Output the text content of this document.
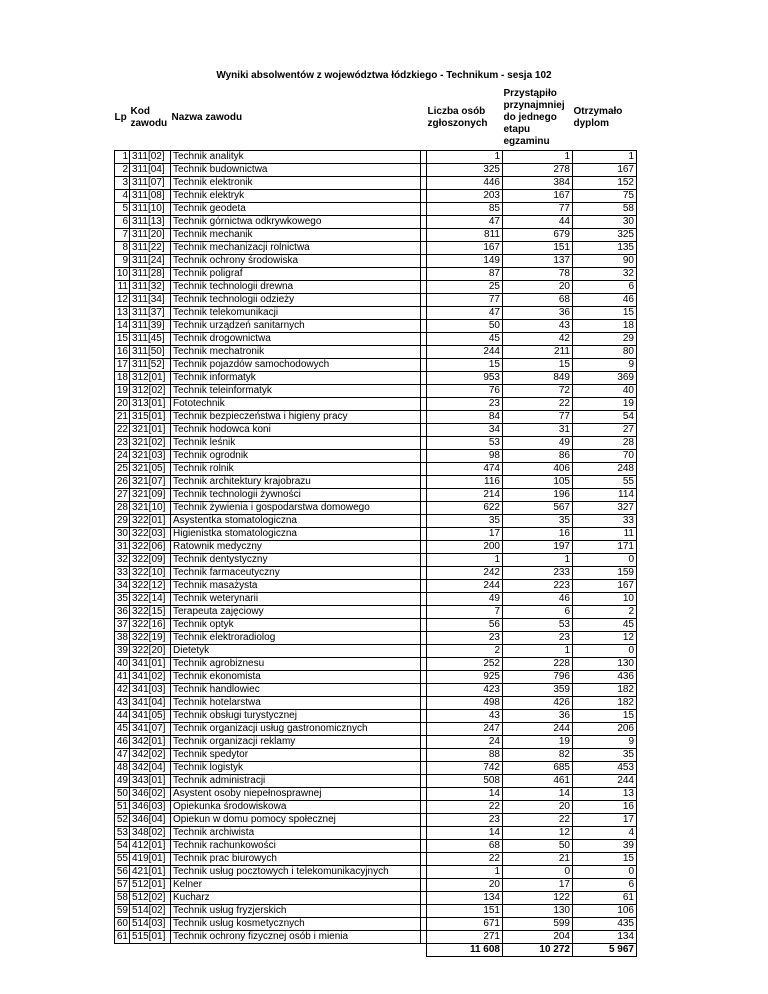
Wyniki absolwentów z województwa łódzkiego - Technikum - sesja 102
Lp	Kod zawodu	Nazwa zawodu		Liczba osób zgłoszonych	Przystąpiło przynajmniej do jednego etapu egzaminu	Otrzymało dyplom
1	311[02]	Technik analityk		1	1	1
2	311[04]	Technik budownictwa		325	278	167
3	311[07]	Technik elektronik		446	384	152
4	311[08]	Technik elektryk		203	167	75
5	311[10]	Technik geodeta		85	77	58
6	311[13]	Technik górnictwa odkrywkowego		47	44	30
7	311[20]	Technik mechanik		811	679	325
8	311[22]	Technik mechanizacji rolnictwa		167	151	135
9	311[24]	Technik ochrony środowiska		149	137	90
10	311[28]	Technik poligraf		87	78	32
11	311[32]	Technik technologii drewna		25	20	6
12	311[34]	Technik technologii odzieży		77	68	46
13	311[37]	Technik telekomunikacji		47	36	15
14	311[39]	Technik urządzeń sanitarnych		50	43	18
15	311[45]	Technik drogownictwa		45	42	29
16	311[50]	Technik mechatronik		244	211	80
17	311[52]	Technik pojazdów samochodowych		15	15	9
18	312[01]	Technik informatyk		953	849	369
19	312[02]	Technik teleinformatyk		76	72	40
20	313[01]	Fototechnik		23	22	19
21	315[01]	Technik bezpieczeństwa i higieny pracy		84	77	54
22	321[01]	Technik hodowca koni		34	31	27
23	321[02]	Technik leśnik		53	49	28
24	321[03]	Technik ogrodnik		98	86	70
25	321[05]	Technik rolnik		474	406	248
26	321[07]	Technik architektury krajobrazu		116	105	55
27	321[09]	Technik technologii żywności		214	196	114
28	321[10]	Technik żywienia i gospodarstwa domowego		622	567	327
29	322[01]	Asystentka stomatologiczna		35	35	33
30	322[03]	Higienistka stomatologiczna		17	16	11
31	322[06]	Ratownik medyczny		200	197	171
32	322[09]	Technik dentystyczny		1	1	0
33	322[10]	Technik farmaceutyczny		242	233	159
34	322[12]	Technik masażysta		244	223	167
35	322[14]	Technik weterynarii		49	46	10
36	322[15]	Terapeuta zajęciowy		7	6	2
37	322[16]	Technik optyk		56	53	45
38	322[19]	Technik elektroradiolog		23	23	12
39	322[20]	Dietetyk		2	1	0
40	341[01]	Technik agrobiznesu		252	228	130
41	341[02]	Technik ekonomista		925	796	436
42	341[03]	Technik handlowiec		423	359	182
43	341[04]	Technik hotelarstwa		498	426	182
44	341[05]	Technik obsługi turystycznej		43	36	15
45	341[07]	Technik organizacji usług gastronomicznych		247	244	206
46	342[01]	Technik organizacji reklamy		24	19	9
47	342[02]	Technik spedytor		88	82	35
48	342[04]	Technik logistyk		742	685	453
49	343[01]	Technik administracji		508	461	244
50	346[02]	Asystent osoby niepełnosprawnej		14	14	13
51	346[03]	Opiekunka środowiskowa		22	20	16
52	346[04]	Opiekun w domu pomocy społecznej		23	22	17
53	348[02]	Technik archiwista		14	12	4
54	412[01]	Technik rachunkowości		68	50	39
55	419[01]	Technik prac biurowych		22	21	15
56	421[01]	Technik usług pocztowych i telekomunikacyjnych		1	0	0
57	512[01]	Kelner		20	17	6
58	512[02]	Kucharz		134	122	61
59	514[02]	Technik usług fryzjerskich		151	130	106
60	514[03]	Technik usług kosmetycznych		671	599	435
61	515[01]	Technik ochrony fizycznej osób i mienia		271	204	134
				11 608	10 272	5 967
